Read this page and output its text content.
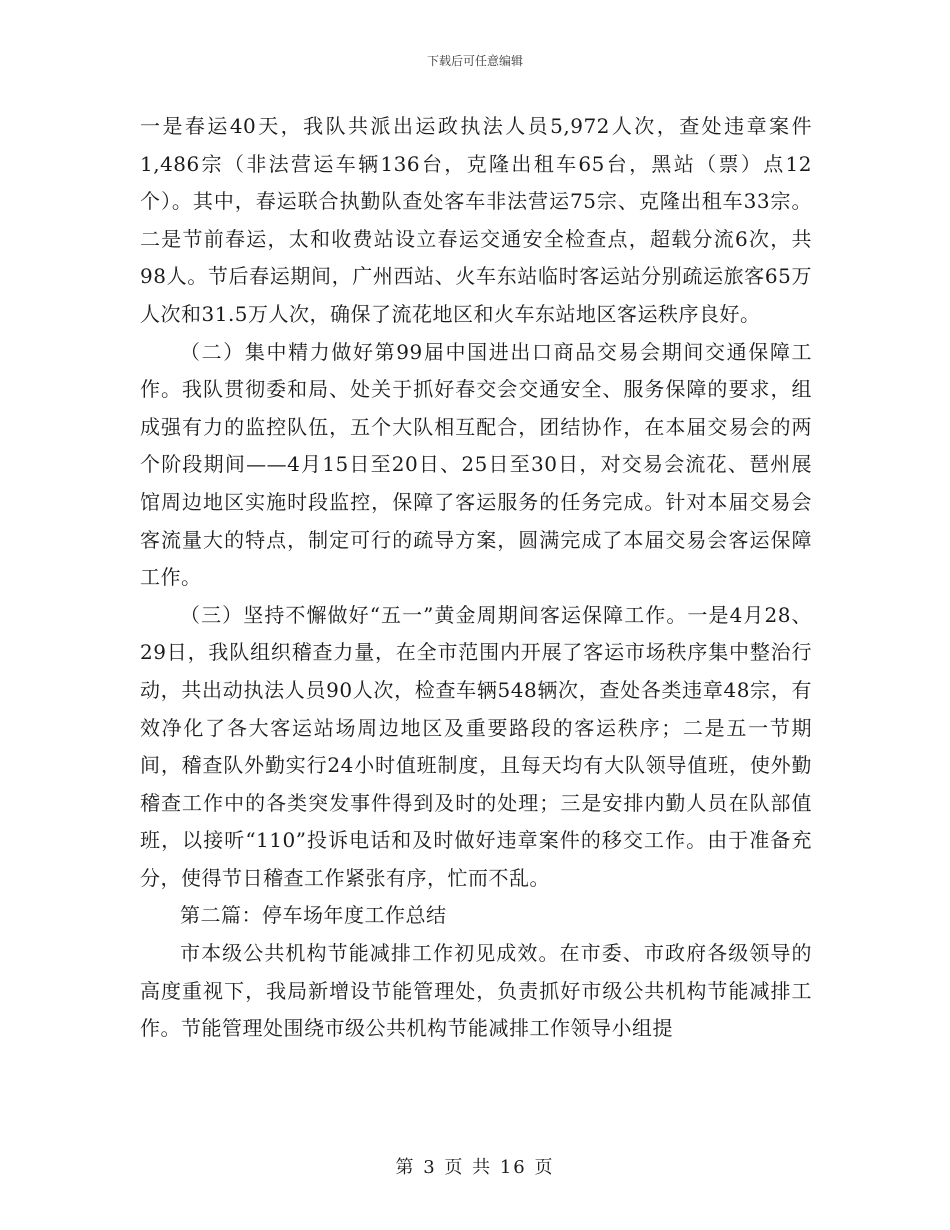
下载后可任意编辑

一是春运40天，我队共派出运政执法人员5,972人次，查处违章案件1,486宗（非法营运车辆136台，克隆出租车65台，黑站（票）点12个）。其中，春运联合执勤队查处客车非法营运75宗、克隆出租车33宗。二是节前春运，太和收费站设立春运交通安全检查点，超载分流6次，共98人。节后春运期间，广州西站、火车东站临时客运站分别疏运旅客65万人次和31.5万人次，确保了流花地区和火车东站地区客运秩序良好。

（二）集中精力做好第99届中国进出口商品交易会期间交通保障工作。我队贯彻委和局、处关于抓好春交会交通安全、服务保障的要求，组成强有力的监控队伍，五个大队相互配合，团结协作，在本届交易会的两个阶段期间——4月15日至20日、25日至30日，对交易会流花、琶州展馆周边地区实施时段监控，保障了客运服务的任务完成。针对本届交易会客流量大的特点，制定可行的疏导方案，圆满完成了本届交易会客运保障工作。

（三）坚持不懈做好“五一”黄金周期间客运保障工作。一是4月28、29日，我队组织稽查力量，在全市范围内开展了客运市场秩序集中整治行动，共出动执法人员90人次，检查车辆548辆次，查处各类违章48宗，有效净化了各大客运站场周边地区及重要路段的客运秩序；二是五一节期间，稽查队外勤实行24小时值班制度，且每天均有大队领导值班，使外勤稽查工作中的各类突发事件得到及时的处理；三是安排内勤人员在队部值班，以接听“110”投诉电话和及时做好违章案件的移交工作。由于准备充分，使得节日稽查工作紧张有序，忙而不乱。

第二篇：停车场年度工作总结

市本级公共机构节能减排工作初见成效。在市委、市政府各级领导的高度重视下，我局新增设节能管理处，负责抓好市级公共机构节能减排工作。节能管理处围绕市级公共机构节能减排工作领导小组提

第 3 页 共 16 页
